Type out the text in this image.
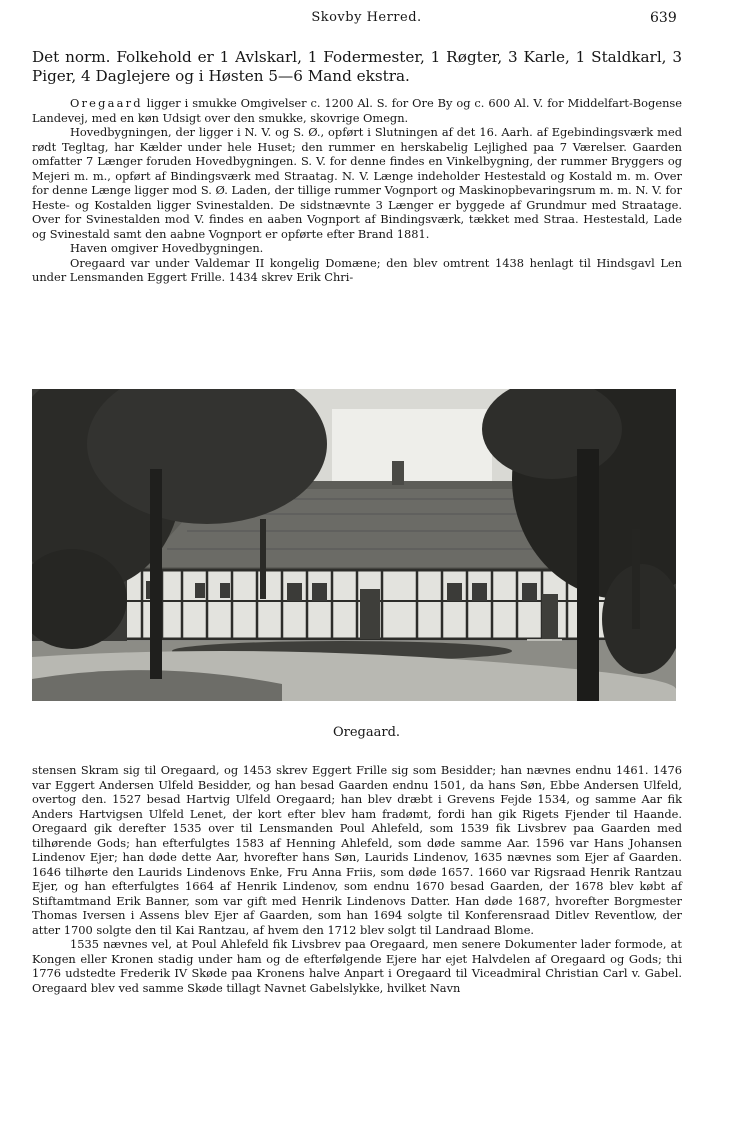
Skovby Herred.	639
Det norm. Folkehold er 1 Avlskarl, 1 Fodermester, 1 Røgter, 3 Karle, 1 Staldkarl, 3 Piger, 4 Daglejere og i Høsten 5—6 Mand ekstra.

Oregaard ligger i smukke Omgivelser c. 1200 Al. S. for Ore By og c. 600 Al. V. for Middelfart-Bogense Landevej, med en køn Udsigt over den smukke, skovrige Omegn.

Hovedbygningen, der ligger i N. V. og S. Ø., opført i Slutningen af det 16. Aarh. af Egebindingsværk med rødt Tegltag, har Kælder under hele Huset; den rummer en herskabelig Lejlighed paa 7 Værelser. Gaarden omfatter 7 Længer foruden Hovedbygningen. S. V. for denne findes en Vinkelbygning, der rummer Bryggers og Mejeri m. m., opført af Bindingsværk med Straatag. N. V. Længe indeholder Hestestald og Kostald m. m. Over for denne Længe ligger mod S. Ø. Laden, der tillige rummer Vognport og Maskinopbevaringsrum m. m. N. V. for Heste- og Kostalden ligger Svinestalden. De sidstnævnte 3 Længer er byggede af Grundmur med Straatage. Over for Svinestalden mod V. findes en aaben Vognport af Bindingsværk, tækket med Straa. Hestestald, Lade og Svinestald samt den aabne Vognport er opførte efter Brand 1881.

Haven omgiver Hovedbygningen.

Oregaard var under Valdemar II kongelig Domæne; den blev omtrent 1438 henlagt til Hindsgavl Len under Lensmanden Eggert Frille. 1434 skrev Erik Chri-

Oregaard.

stensen Skram sig til Oregaard, og 1453 skrev Eggert Frille sig som Besidder; han nævnes endnu 1461. 1476 var Eggert Andersen Ulfeld Besidder, og han besad Gaarden endnu 1501, da hans Søn, Ebbe Andersen Ulfeld, overtog den. 1527 besad Hartvig Ulfeld Oregaard; han blev dræbt i Grevens Fejde 1534, og samme Aar fik Anders Hartvigsen Ulfeld Lenet, der kort efter blev ham fradømt, fordi han gik Rigets Fjender til Haande. Oregaard gik derefter 1535 over til Lensmanden Poul Ahlefeld, som 1539 fik Livsbrev paa Gaarden med tilhørende Gods; han efterfulgtes 1583 af Henning Ahlefeld, som døde samme Aar. 1596 var Hans Johansen Lindenov Ejer; han døde dette Aar, hvorefter hans Søn, Laurids Lindenov, 1635 nævnes som Ejer af Gaarden. 1646 tilhørte den Laurids Lindenovs Enke, Fru Anna Friis, som døde 1657. 1660 var Rigsraad Henrik Rantzau Ejer, og han efterfulgtes 1664 af Henrik Lindenov, som endnu 1670 besad Gaarden, der 1678 blev købt af Stiftamtmand Erik Banner, som var gift med Henrik Lindenovs Datter. Han døde 1687, hvorefter Borgmester Thomas Iversen i Assens blev Ejer af Gaarden, som han 1694 solgte til Konferensraad Ditlev Reventlow, der atter 1700 solgte den til Kai Rantzau, af hvem den 1712 blev solgt til Landraad Blome.

1535 nævnes vel, at Poul Ahlefeld fik Livsbrev paa Oregaard, men senere Dokumenter lader formode, at Kongen eller Kronen stadig under ham og de efterfølgende Ejere har ejet Halvdelen af Oregaard og Gods; thi 1776 udstedte Frederik IV Skøde paa Kronens halve Anpart i Oregaard til Viceadmiral Christian Carl v. Gabel. Oregaard blev ved samme Skøde tillagt Navnet Gabelslykke, hvilket Navn
